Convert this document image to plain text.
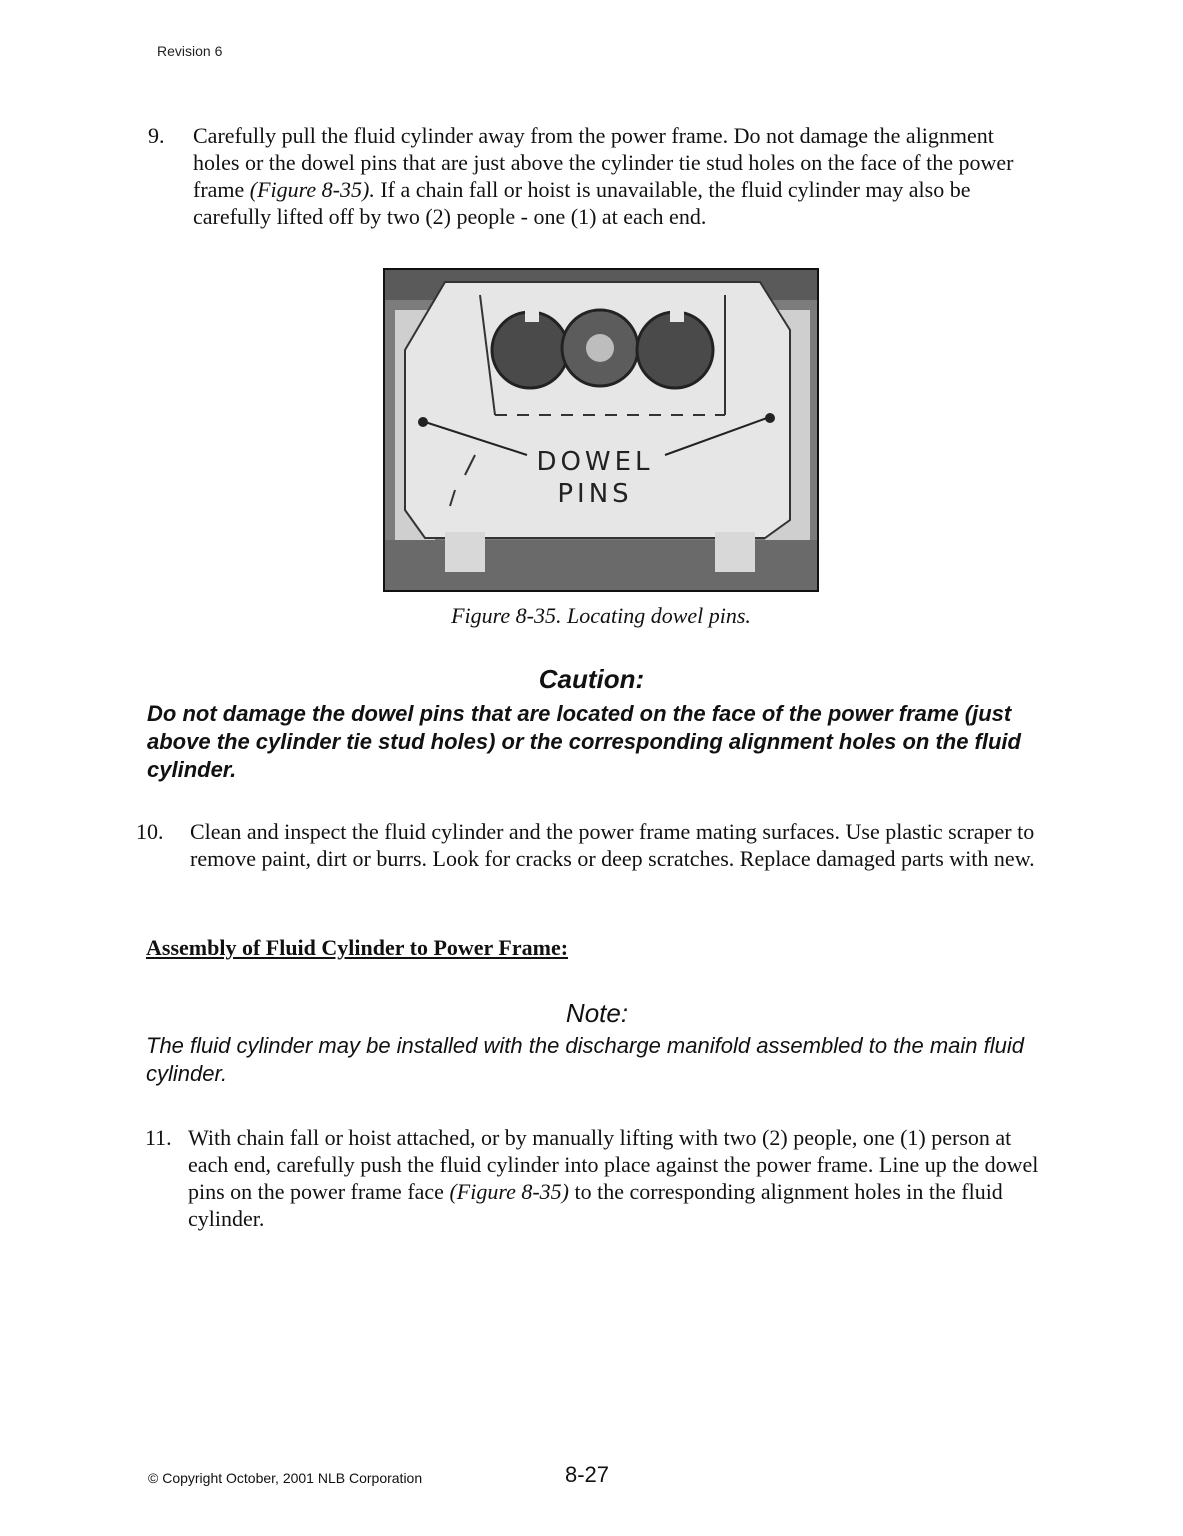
Revision 6
9. Carefully pull the fluid cylinder away from the power frame. Do not damage the alignment holes or the dowel pins that are just above the cylinder tie stud holes on the face of the power frame (Figure 8-35). If a chain fall or hoist is unavailable, the fluid cylinder may also be carefully lifted off by two (2) people - one (1) at each end.
DOWEL
PINS
Figure 8-35. Locating dowel pins.
Caution:
Do not damage the dowel pins that are located on the face of the power frame (just above the cylinder tie stud holes) or the corresponding alignment holes on the fluid cylinder.
10. Clean and inspect the fluid cylinder and the power frame mating surfaces. Use plastic scraper to remove paint, dirt or burrs. Look for cracks or deep scratches. Replace damaged parts with new.
Assembly of Fluid Cylinder to Power Frame:
Note:
The fluid cylinder may be installed with the discharge manifold assembled to the main fluid cylinder.
11. With chain fall or hoist attached, or by manually lifting with two (2) people, one (1) person at each end, carefully push the fluid cylinder into place against the power frame. Line up the dowel pins on the power frame face (Figure 8-35) to the corresponding alignment holes in the fluid cylinder.
© Copyright October, 2001 NLB Corporation	8-27
